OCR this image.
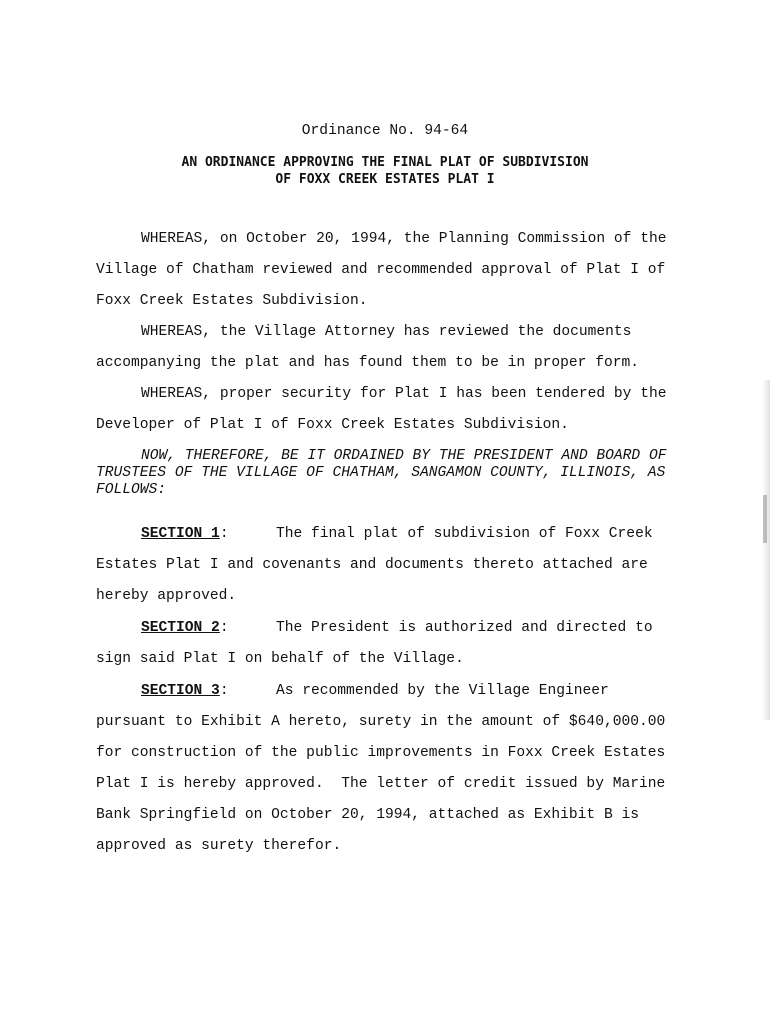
Ordinance No. 94-64

AN ORDINANCE APPROVING THE FINAL PLAT OF SUBDIVISION

OF FOXX CREEK ESTATES PLAT I

WHEREAS, on October 20, 1994, the Planning Commission of the

Village of Chatham reviewed and recommended approval of Plat I of

Foxx Creek Estates Subdivision.

WHEREAS, the Village Attorney has reviewed the documents

accompanying the plat and has found them to be in proper form.

WHEREAS, proper security for Plat I has been tendered by the

Developer of Plat I of Foxx Creek Estates Subdivision.

NOW, THEREFORE, BE IT ORDAINED BY THE PRESIDENT AND BOARD OF

TRUSTEES OF THE VILLAGE OF CHATHAM, SANGAMON COUNTY, ILLINOIS, AS

FOLLOWS:

SECTION 1:	The final plat of subdivision of Foxx Creek

Estates Plat I and covenants and documents thereto attached are

hereby approved.

SECTION 2:	The President is authorized and directed to

sign said Plat I on behalf of the Village.

SECTION 3:	As recommended by the Village Engineer

pursuant to Exhibit A hereto, surety in the amount of $640,000.00

for construction of the public improvements in Foxx Creek Estates

Plat I is hereby approved.  The letter of credit issued by Marine

Bank Springfield on October 20, 1994, attached as Exhibit B is

approved as surety therefor.
